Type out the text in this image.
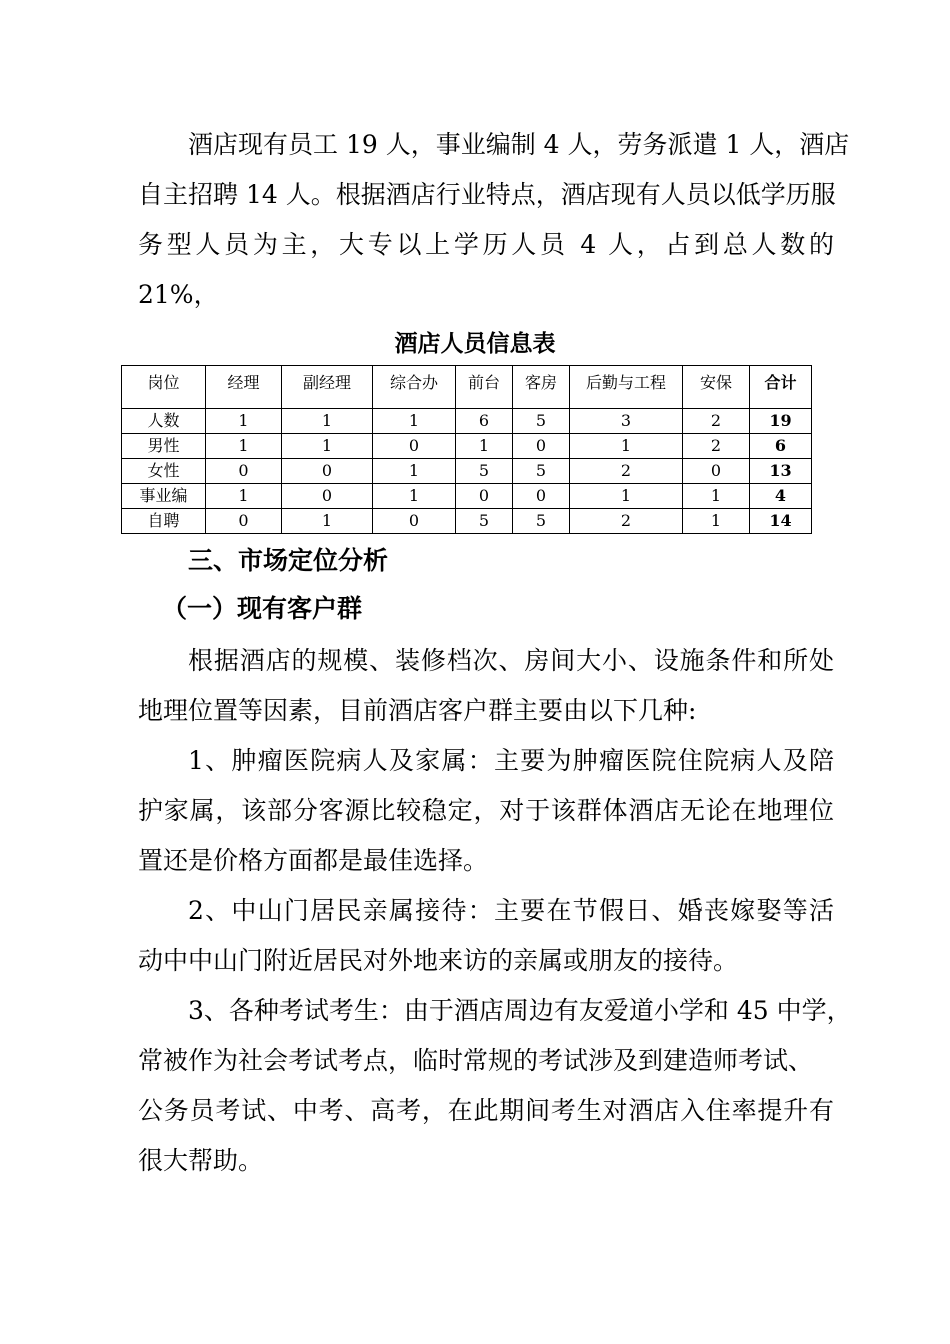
酒店现有员工 19 人，事业编制 4 人，劳务派遣 1 人，酒店
自主招聘 14 人。根据酒店行业特点，酒店现有人员以低学历服
务型人员为主，大专以上学历人员 4 人，占到总人数的
21%，
酒店人员信息表
岗位	经理	副经理	综合办	前台	客房	后勤与工程	安保	合计
人数	1	1	1	6	5	3	2	19
男性	1	1	0	1	0	1	2	6
女性	0	0	1	5	5	2	0	13
事业编	1	0	1	0	0	1	1	4
自聘	0	1	0	5	5	2	1	14
三、市场定位分析
（一）现有客户群
根据酒店的规模、装修档次、房间大小、设施条件和所处
地理位置等因素，目前酒店客户群主要由以下几种:
1、肿瘤医院病人及家属：主要为肿瘤医院住院病人及陪
护家属，该部分客源比较稳定，对于该群体酒店无论在地理位
置还是价格方面都是最佳选择。
2、中山门居民亲属接待：主要在节假日、婚丧嫁娶等活
动中中山门附近居民对外地来访的亲属或朋友的接待。
3、各种考试考生：由于酒店周边有友爱道小学和 45 中学，
常被作为社会考试考点，临时常规的考试涉及到建造师考试、
公务员考试、中考、高考，在此期间考生对酒店入住率提升有
很大帮助。
